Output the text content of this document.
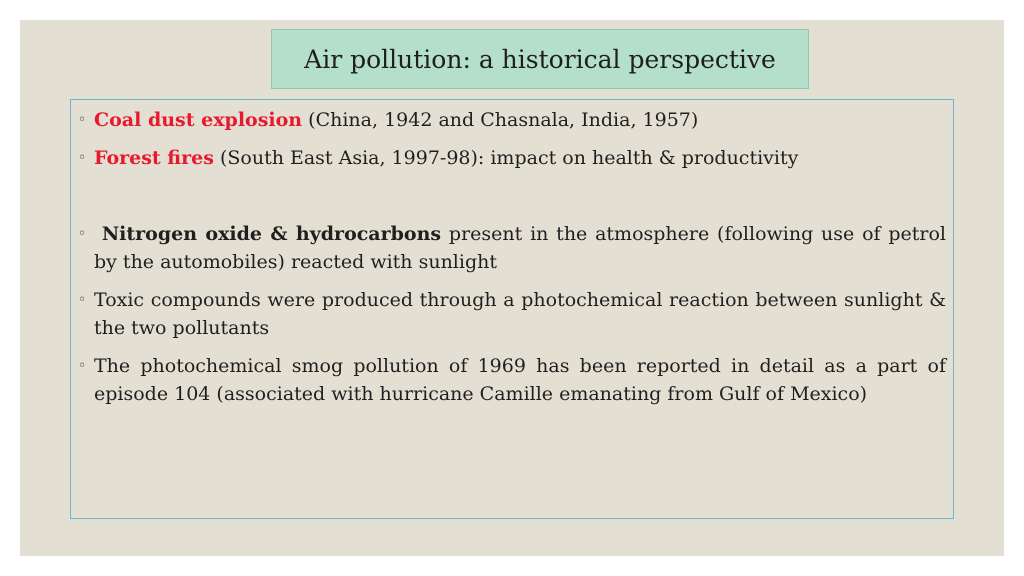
Air pollution: a historical perspective
◦ Coal dust explosion (China, 1942 and Chasnala, India, 1957)
◦ Forest fires (South East Asia, 1997-98): impact on health & productivity
◦ Nitrogen oxide & hydrocarbons present in the atmosphere (following use of petrol by the automobiles) reacted with sunlight
◦ Toxic compounds were produced through a photochemical reaction between sunlight & the two pollutants
◦ The photochemical smog pollution of 1969 has been reported in detail as a part of episode 104 (associated with hurricane Camille emanating from Gulf of Mexico)
